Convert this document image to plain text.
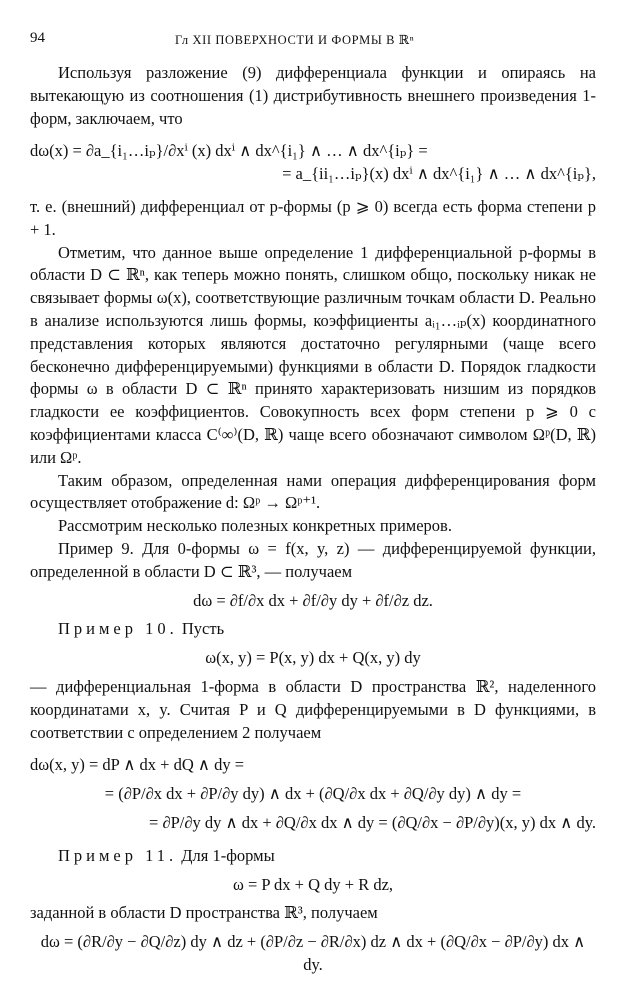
94	Гл XII ПОВЕРХНОСТИ И ФОРМЫ В ℝⁿ

Используя разложение (9) дифференциала функции и опираясь на вытекающую из соотношения (1) дистрибутивность внешнего произведения 1-форм, заключаем, что

dω(x) = ∂a_{i₁…iₚ}/∂xⁱ (x) dxⁱ ∧ dx^{i₁} ∧ … ∧ dx^{iₚ} =
= a_{ii₁…iₚ}(x) dxⁱ ∧ dx^{i₁} ∧ … ∧ dx^{iₚ},

т. е. (внешний) дифференциал от p-формы (p ⩾ 0) всегда есть форма степени p + 1.

Отметим, что данное выше определение 1 дифференциальной p-формы в области D ⊂ ℝⁿ, как теперь можно понять, слишком общо, поскольку никак не связывает формы ω(x), соответствующие различным точкам области D. Реально в анализе используются лишь формы, коэффициенты aᵢ₁…ᵢₚ(x) координатного представления которых являются достаточно регулярными (чаще всего бесконечно дифференцируемыми) функциями в области D. Порядок гладкости формы ω в области D ⊂ ℝⁿ принято характеризовать низшим из порядков гладкости ее коэффициентов. Совокупность всех форм степени p ⩾ 0 с коэффициентами класса C⁽∞⁾(D, ℝ) чаще всего обозначают символом Ωᵖ(D, ℝ) или Ωᵖ.

Таким образом, определенная нами операция дифференцирования форм осуществляет отображение d: Ωᵖ → Ωᵖ⁺¹.

Рассмотрим несколько полезных конкретных примеров.

Пример 9. Для 0-формы ω = f(x, y, z) — дифференцируемой функции, определенной в области D ⊂ ℝ³, — получаем

dω = ∂f/∂x dx + ∂f/∂y dy + ∂f/∂z dz.

Пример 10. Пусть

ω(x, y) = P(x, y) dx + Q(x, y) dy

— дифференциальная 1-форма в области D пространства ℝ², наделенного координатами x, y. Считая P и Q дифференцируемыми в D функциями, в соответствии с определением 2 получаем

dω(x, y) = dP ∧ dx + dQ ∧ dy =
= (∂P/∂x dx + ∂P/∂y dy) ∧ dx + (∂Q/∂x dx + ∂Q/∂y dy) ∧ dy =
= ∂P/∂y dy ∧ dx + ∂Q/∂x dx ∧ dy = (∂Q/∂x − ∂P/∂y)(x, y) dx ∧ dy.

Пример 11. Для 1-формы

ω = P dx + Q dy + R dz,

заданной в области D пространства ℝ³, получаем

dω = (∂R/∂y − ∂Q/∂z) dy ∧ dz + (∂P/∂z − ∂R/∂x) dz ∧ dx + (∂Q/∂x − ∂P/∂y) dx ∧ dy.
